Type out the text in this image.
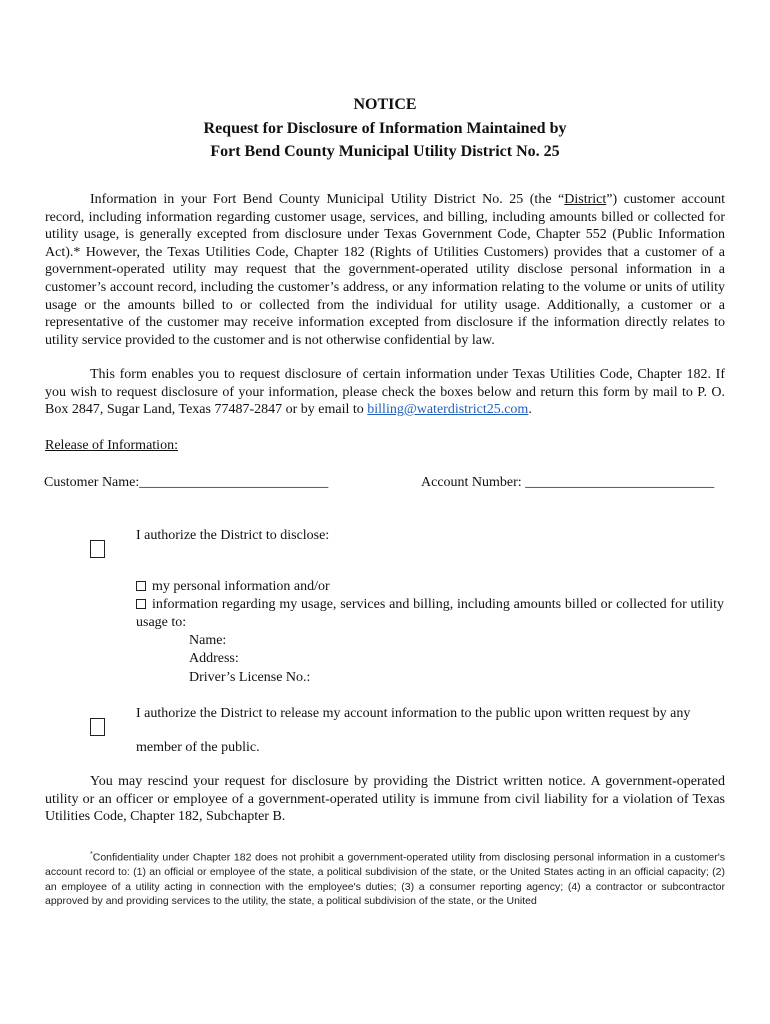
NOTICE
Request for Disclosure of Information Maintained by
Fort Bend County Municipal Utility District No. 25

Information in your Fort Bend County Municipal Utility District No. 25 (the “District”) customer account record, including information regarding customer usage, services, and billing, including amounts billed or collected for utility usage, is generally excepted from disclosure under Texas Government Code, Chapter 552 (Public Information Act).* However, the Texas Utilities Code, Chapter 182 (Rights of Utilities Customers) provides that a customer of a government-operated utility may request that the government-operated utility disclose personal information in a customer’s account record, including the customer’s address, or any information relating to the volume or units of utility usage or the amounts billed to or collected from the individual for utility usage. Additionally, a customer or a representative of the customer may receive information excepted from disclosure if the information directly relates to utility service provided to the customer and is not otherwise confidential by law.

This form enables you to request disclosure of certain information under Texas Utilities Code, Chapter 182. If you wish to request disclosure of your information, please check the boxes below and return this form by mail to P. O. Box 2847, Sugar Land, Texas 77487-2847 or by email to billing@waterdistrict25.com.

Release of Information:
Customer Name:___________________________	Account Number: ___________________________
I authorize the District to disclose:
my personal information and/or

information regarding my usage, services and billing, including amounts billed or collected for utility usage to:

Name:
Address:
Driver’s License No.:
I authorize the District to release my account information to the public upon written request by any
member of the public.

You may rescind your request for disclosure by providing the District written notice. A government-operated utility or an officer or employee of a government-operated utility is immune from civil liability for a violation of Texas Utilities Code, Chapter 182, Subchapter B.

*Confidentiality under Chapter 182 does not prohibit a government-operated utility from disclosing personal information in a customer's account record to: (1) an official or employee of the state, a political subdivision of the state, or the United States acting in an official capacity; (2) an employee of a utility acting in connection with the employee's duties; (3) a consumer reporting agency; (4) a contractor or subcontractor approved by and providing services to the utility, the state, a political subdivision of the state, or the United
